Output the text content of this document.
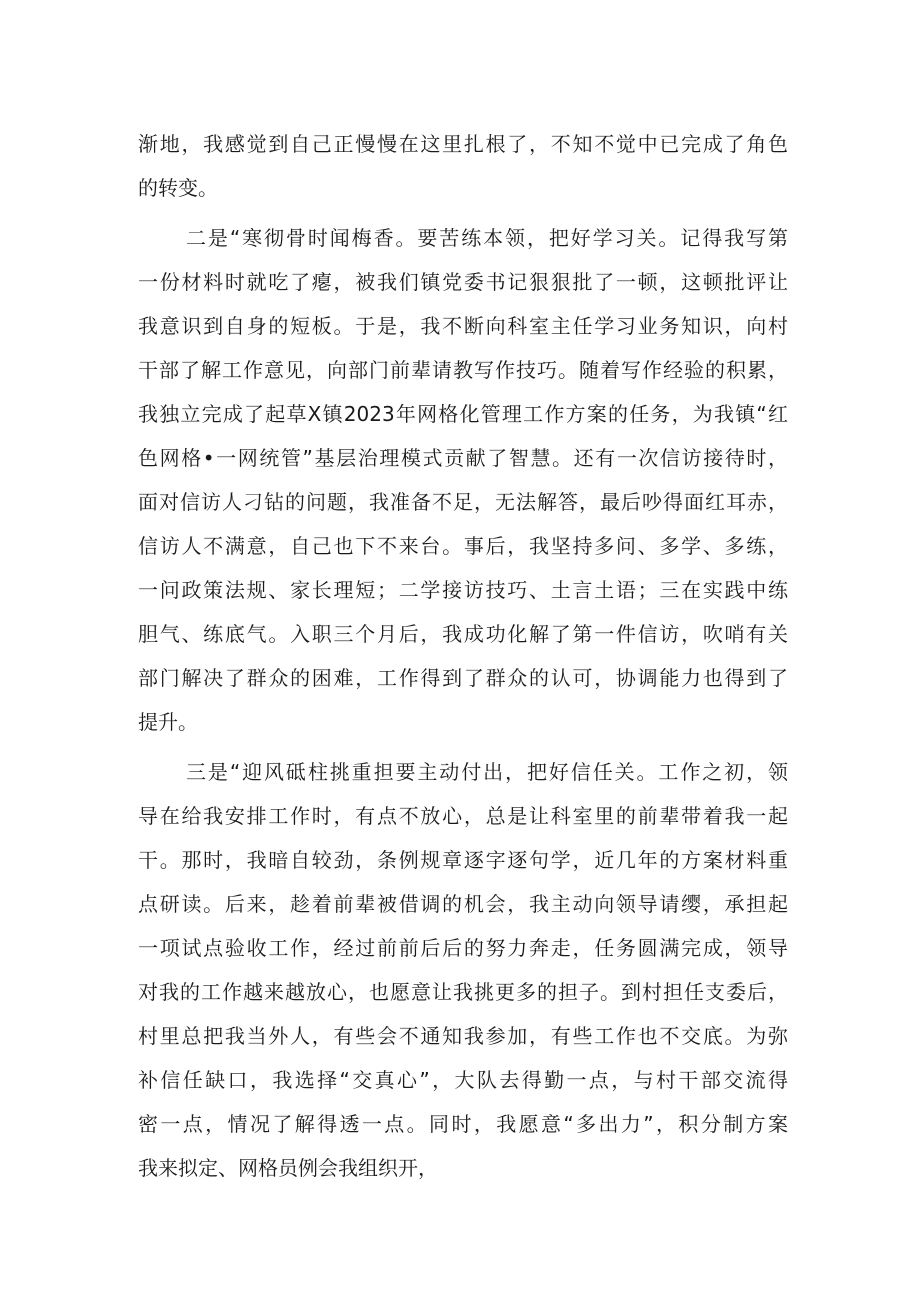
渐地，我感觉到自己正慢慢在这里扎根了，不知不觉中已完成了角色
的转变。
二是“寒彻骨时闻梅香。要苦练本领，把好学习关。记得我写第
一份材料时就吃了瘪，被我们镇党委书记狠狠批了一顿，这顿批评让
我意识到自身的短板。于是，我不断向科室主任学习业务知识，向村
干部了解工作意见，向部门前辈请教写作技巧。随着写作经验的积累，
我独立完成了起草X镇2023年网格化管理工作方案的任务，为我镇“红
色网格•一网统管”基层治理模式贡献了智慧。还有一次信访接待时，
面对信访人刁钻的问题，我准备不足，无法解答，最后吵得面红耳赤，
信访人不满意，自己也下不来台。事后，我坚持多问、多学、多练，
一问政策法规、家长理短；二学接访技巧、土言土语；三在实践中练
胆气、练底气。入职三个月后，我成功化解了第一件信访，吹哨有关
部门解决了群众的困难，工作得到了群众的认可，协调能力也得到了
提升。
三是“迎风砥柱挑重担要主动付出，把好信任关。工作之初，领
导在给我安排工作时，有点不放心，总是让科室里的前辈带着我一起
干。那时，我暗自较劲，条例规章逐字逐句学，近几年的方案材料重
点研读。后来，趁着前辈被借调的机会，我主动向领导请缨，承担起
一项试点验收工作，经过前前后后的努力奔走，任务圆满完成，领导
对我的工作越来越放心，也愿意让我挑更多的担子。到村担任支委后，
村里总把我当外人，有些会不通知我参加，有些工作也不交底。为弥
补信任缺口，我选择“交真心”，大队去得勤一点，与村干部交流得
密一点，情况了解得透一点。同时，我愿意“多出力”，积分制方案
我来拟定、网格员例会我组织开，
